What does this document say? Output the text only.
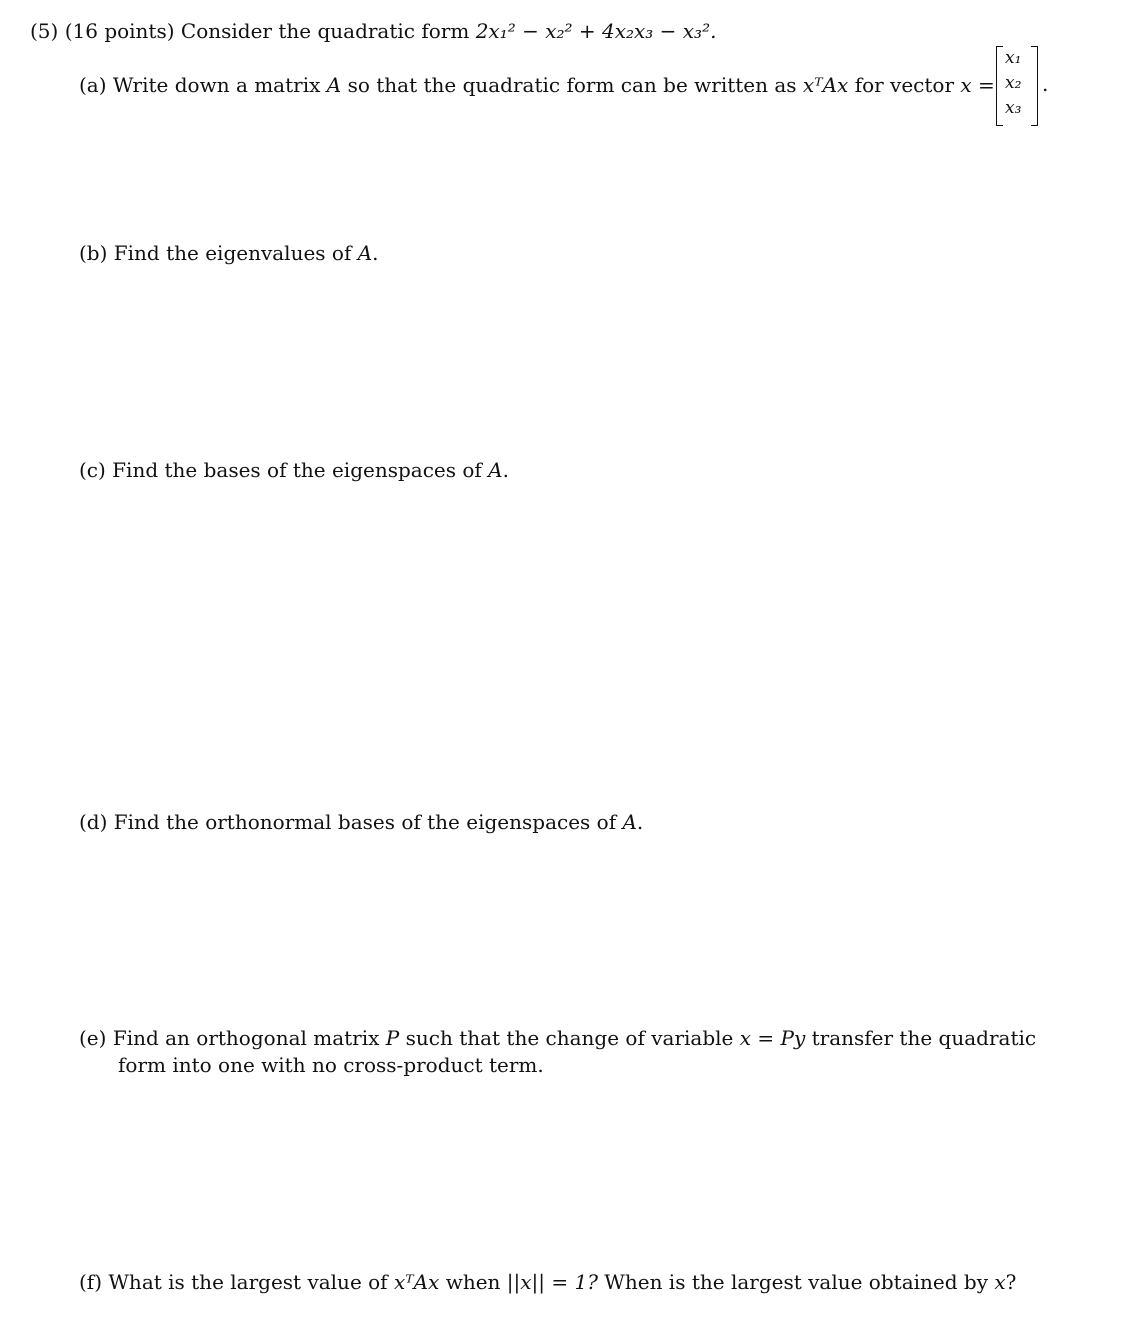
(5) (16 points) Consider the quadratic form 2x₁² − x₂² + 4x₂x₃ − x₃².
(a) Write down a matrix A so that the quadratic form can be written as xᵀAx for vector x =
x₁
x₂
x₃
.
(b) Find the eigenvalues of A.
(c) Find the bases of the eigenspaces of A.
(d) Find the orthonormal bases of the eigenspaces of A.
(e) Find an orthogonal matrix P such that the change of variable x = Py transfer the quadratic
form into one with no cross-product term.
(f) What is the largest value of xᵀAx when ||x|| = 1? When is the largest value obtained by x?
